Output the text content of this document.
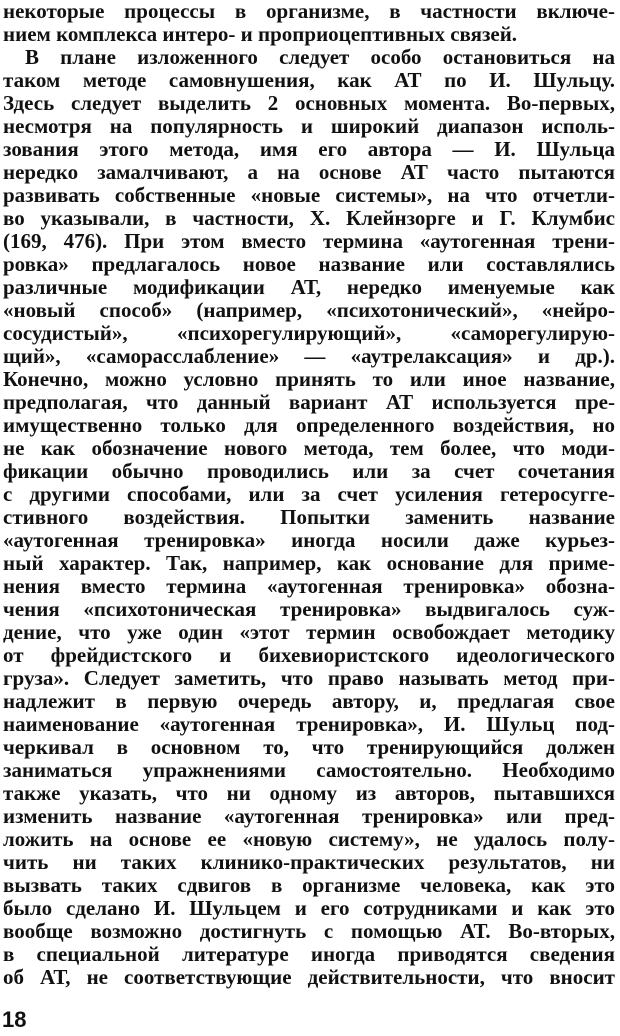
некоторые процессы в организме, в частности включе-
нием комплекса интеро- и проприоцептивных связей.
В плане изложенного следует особо остановиться на
таком методе самовнушения, как АТ по И. Шульцу.
Здесь следует выделить 2 основных момента. Во-первых,
несмотря на популярность и широкий диапазон исполь-
зования этого метода, имя его автора — И. Шульца
нередко замалчивают, а на основе АТ часто пытаются
развивать собственные «новые системы», на что отчетли-
во указывали, в частности, Х. Клейнзорге и Г. Клумбис
(169, 476). При этом вместо термина «аутогенная трени-
ровка» предлагалось новое название или составлялись
различные модификации АТ, нередко именуемые как
«новый способ» (например, «психотонический», «нейро-
сосудистый», «психорегулирующий», «саморегулирую-
щий», «саморасслабление» — «аутрелаксация» и др.).
Конечно, можно условно принять то или иное название,
предполагая, что данный вариант АТ используется пре-
имущественно только для определенного воздействия, но
не как обозначение нового метода, тем более, что моди-
фикации обычно проводились или за счет сочетания
с другими способами, или за счет усиления гетеросугге-
стивного воздействия. Попытки заменить название
«аутогенная тренировка» иногда носили даже курьез-
ный характер. Так, например, как основание для приме-
нения вместо термина «аутогенная тренировка» обозна-
чения «психотоническая тренировка» выдвигалось суж-
дение, что уже один «этот термин освобождает методику
от фрейдистского и бихевиористского идеологического
груза». Следует заметить, что право называть метод при-
надлежит в первую очередь автору, и, предлагая свое
наименование «аутогенная тренировка», И. Шульц под-
черкивал в основном то, что тренирующийся должен
заниматься упражнениями самостоятельно. Необходимо
также указать, что ни одному из авторов, пытавшихся
изменить название «аутогенная тренировка» или пред-
ложить на основе ее «новую систему», не удалось полу-
чить ни таких клинико-практических результатов, ни
вызвать таких сдвигов в организме человека, как это
было сделано И. Шульцем и его сотрудниками и как это
вообще возможно достигнуть с помощью АТ. Во-вторых,
в специальной литературе иногда приводятся сведения
об АТ, не соответствующие действительности, что вносит
18
